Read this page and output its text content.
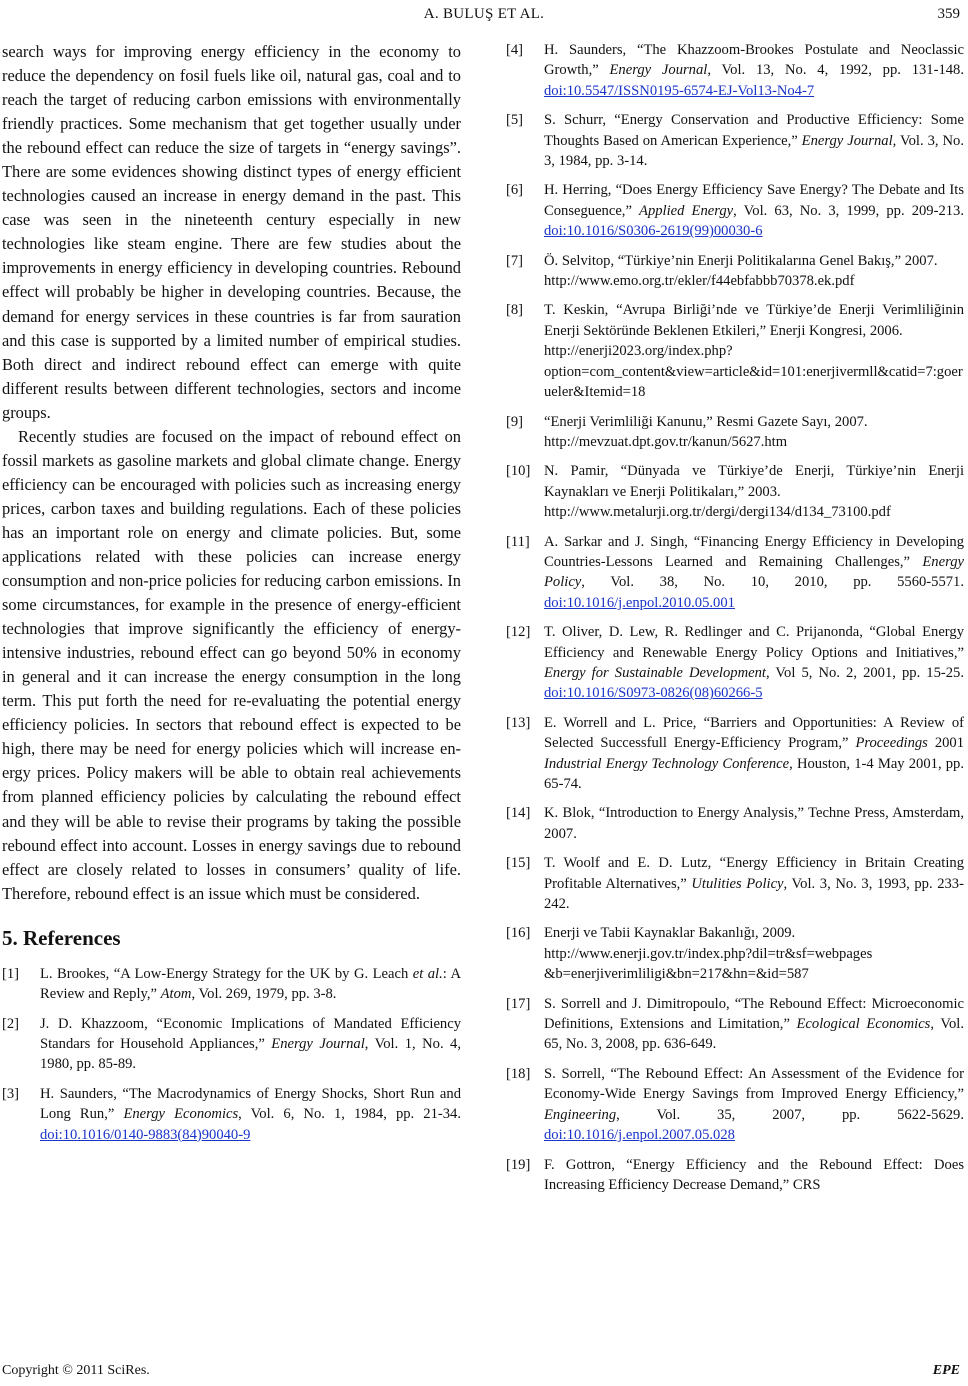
A. BULUŞ ET AL.	359

search ways for improving energy efficiency in the economy to reduce the dependency on fosil fuels like oil, natural gas, coal and to reach the target of reducing carbon emissions with environmentally friendly practices. Some mechanism that get together usually under the rebound effect can reduce the size of targets in “energy savings”. There are some evidences showing distinct types of energy efficient technologies caused an increase in energy demand in the past. This case was seen in the nineteenth century especially in new technologies like steam engine. There are few studies about the improvements in energy efficiency in developing countries. Rebound effect will probably be higher in developing countries. Because, the demand for energy services in these countries is far from sauration and this case is supported by a limited number of empirical studies. Both direct and indirect rebound effect can emerge with quite different results between different technologies, sectors and income groups.

Recently studies are focused on the impact of rebound effect on fossil markets as gasoline markets and global climate change. Energy efficiency can be encouraged with policies such as increasing energy prices, carbon taxes and building regulations. Each of these policies has an important role on energy and climate policies. But, some applications related with these policies can increase energy consumption and non-price policies for reducing carbon emissions. In some circumstances, for example in the presence of energy-efficient technologies that improve significantly the efficiency of energy-intensive industries, rebound effect can go beyond 50% in economy in general and it can increase the energy consumption in the long term. This put forth the need for re-evaluating the potential energy efficiency policies. In sectors that rebound effect is expected to be high, there may be need for energy policies which will increase energy prices. Policy makers will be able to obtain real achievements from planned efficiency policies by calculating the rebound effect and they will be able to revise their programs by taking the possible rebound effect into account. Losses in energy savings due to rebound effect are closely related to losses in consumers’ quality of life. Therefore, rebound effect is an issue which must be considered.

5. References
[1]	L. Brookes, “A Low-Energy Strategy for the UK by G. Leach et al.: A Review and Reply,” Atom, Vol. 269, 1979, pp. 3-8.
[2]	J. D. Khazzoom, “Economic Implications of Mandated Efficiency Standars for Household Appliances,” Energy Journal, Vol. 1, No. 4, 1980, pp. 85-89.
[3]	H. Saunders, “The Macrodynamics of Energy Shocks, Short Run and Long Run,” Energy Economics, Vol. 6, No. 1, 1984, pp. 21-34. doi:10.1016/0140-9883(84)90040-9
[4]	H. Saunders, “The Khazzoom-Brookes Postulate and Neoclassic Growth,” Energy Journal, Vol. 13, No. 4, 1992, pp. 131-148. doi:10.5547/ISSN0195-6574-EJ-Vol13-No4-7
[5]	S. Schurr, “Energy Conservation and Productive Efficiency: Some Thoughts Based on American Experience,” Energy Journal, Vol. 3, No. 3, 1984, pp. 3-14.
[6]	H. Herring, “Does Energy Efficiency Save Energy? The Debate and Its Conseguence,” Applied Energy, Vol. 63, No. 3, 1999, pp. 209-213. doi:10.1016/S0306-2619(99)00030-6
[7]	Ö. Selvitop, “Türkiye’nin Enerji Politikalarına Genel Bakış,” 2007.
http://www.emo.org.tr/ekler/f44ebfabbb70378.ek.pdf
[8]	T. Keskin, “Avrupa Birliği’nde ve Türkiye’de Enerji Verimliliğinin Enerji Sektöründe Beklenen Etkileri,” Enerji Kongresi, 2006.
http://enerji2023.org/index.php?option=com_content&view=article&id=101:enerjivermll&catid=7:goerueler&Itemid=18
[9]	“Enerji Verimliliği Kanunu,” Resmi Gazete Sayı, 2007.
http://mevzuat.dpt.gov.tr/kanun/5627.htm
[10] N. Pamir, “Dünyada ve Türkiye’de Enerji, Türkiye’nin Enerji Kaynakları ve Enerji Politikaları,” 2003.
http://www.metalurji.org.tr/dergi/dergi134/d134_73100.pdf
[11] A. Sarkar and J. Singh, “Financing Energy Efficiency in Developing Countries-Lessons Learned and Remaining Challenges,” Energy Policy, Vol. 38, No. 10, 2010, pp. 5560-5571. doi:10.1016/j.enpol.2010.05.001
[12] T. Oliver, D. Lew, R. Redlinger and C. Prijanonda, “Global Energy Efficiency and Renewable Energy Policy Options and Initiatives,” Energy for Sustainable Development, Vol 5, No. 2, 2001, pp. 15-25. doi:10.1016/S0973-0826(08)60266-5
[13] E. Worrell and L. Price, “Barriers and Opportunities: A Review of Selected Successfull Energy-Efficiency Program,” Proceedings 2001 Industrial Energy Technology Conference, Houston, 1-4 May 2001, pp. 65-74.
[14] K. Blok, “Introduction to Energy Analysis,” Techne Press, Amsterdam, 2007.
[15] T. Woolf and E. D. Lutz, “Energy Efficiency in Britain Creating Profitable Alternatives,” Utulities Policy, Vol. 3, No. 3, 1993, pp. 233-242.
[16] Enerji ve Tabii Kaynaklar Bakanlığı, 2009.
http://www.enerji.gov.tr/index.php?dil=tr&sf=webpages &b=enerjiverimliligi&bn=217&hn=&id=587
[17] S. Sorrell and J. Dimitropoulo, “The Rebound Effect: Microeconomic Definitions, Extensions and Limitation,” Ecological Economics, Vol. 65, No. 3, 2008, pp. 636-649.
[18] S. Sorrell, “The Rebound Effect: An Assessment of the Evidence for Economy-Wide Energy Savings from Improved Energy Efficiency,” Engineering, Vol. 35, 2007, pp. 5622-5629. doi:10.1016/j.enpol.2007.05.028
[19] F. Gottron, “Energy Efficiency and the Rebound Effect: Does Increasing Efficiency Decrease Demand,” CRS
Copyright © 2011 SciRes.	EPE
